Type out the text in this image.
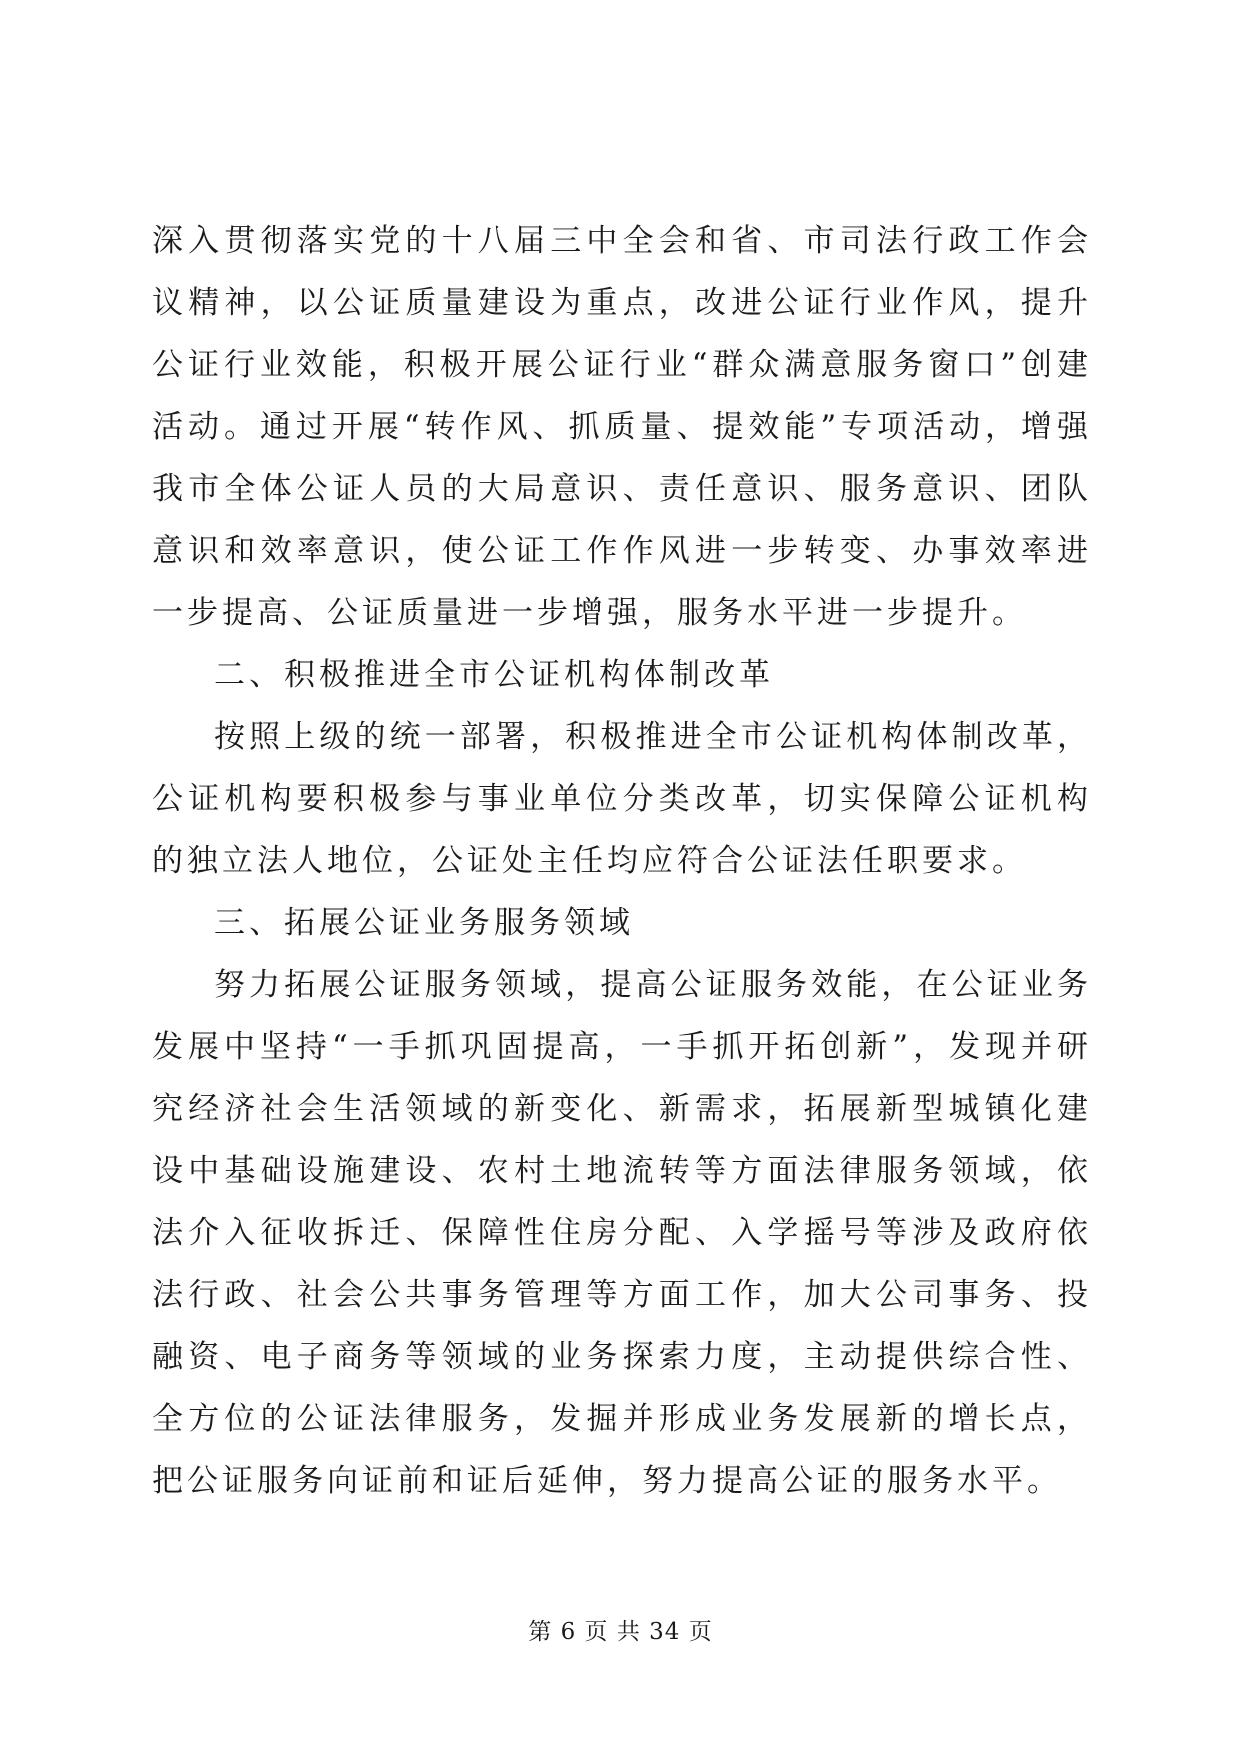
深入贯彻落实党的十八届三中全会和省、市司法行政工作会议精神，以公证质量建设为重点，改进公证行业作风，提升公证行业效能，积极开展公证行业“群众满意服务窗口”创建活动。通过开展“转作风、抓质量、提效能”专项活动，增强我市全体公证人员的大局意识、责任意识、服务意识、团队意识和效率意识，使公证工作作风进一步转变、办事效率进一步提高、公证质量进一步增强，服务水平进一步提升。

二、积极推进全市公证机构体制改革

按照上级的统一部署，积极推进全市公证机构体制改革，公证机构要积极参与事业单位分类改革，切实保障公证机构的独立法人地位，公证处主任均应符合公证法任职要求。

三、拓展公证业务服务领域

努力拓展公证服务领域，提高公证服务效能，在公证业务发展中坚持“一手抓巩固提高，一手抓开拓创新”，发现并研究经济社会生活领域的新变化、新需求，拓展新型城镇化建设中基础设施建设、农村土地流转等方面法律服务领域，依法介入征收拆迁、保障性住房分配、入学摇号等涉及政府依法行政、社会公共事务管理等方面工作，加大公司事务、投融资、电子商务等领域的业务探索力度，主动提供综合性、全方位的公证法律服务，发掘并形成业务发展新的增长点，把公证服务向证前和证后延伸，努力提高公证的服务水平。

第 6 页 共 34 页
